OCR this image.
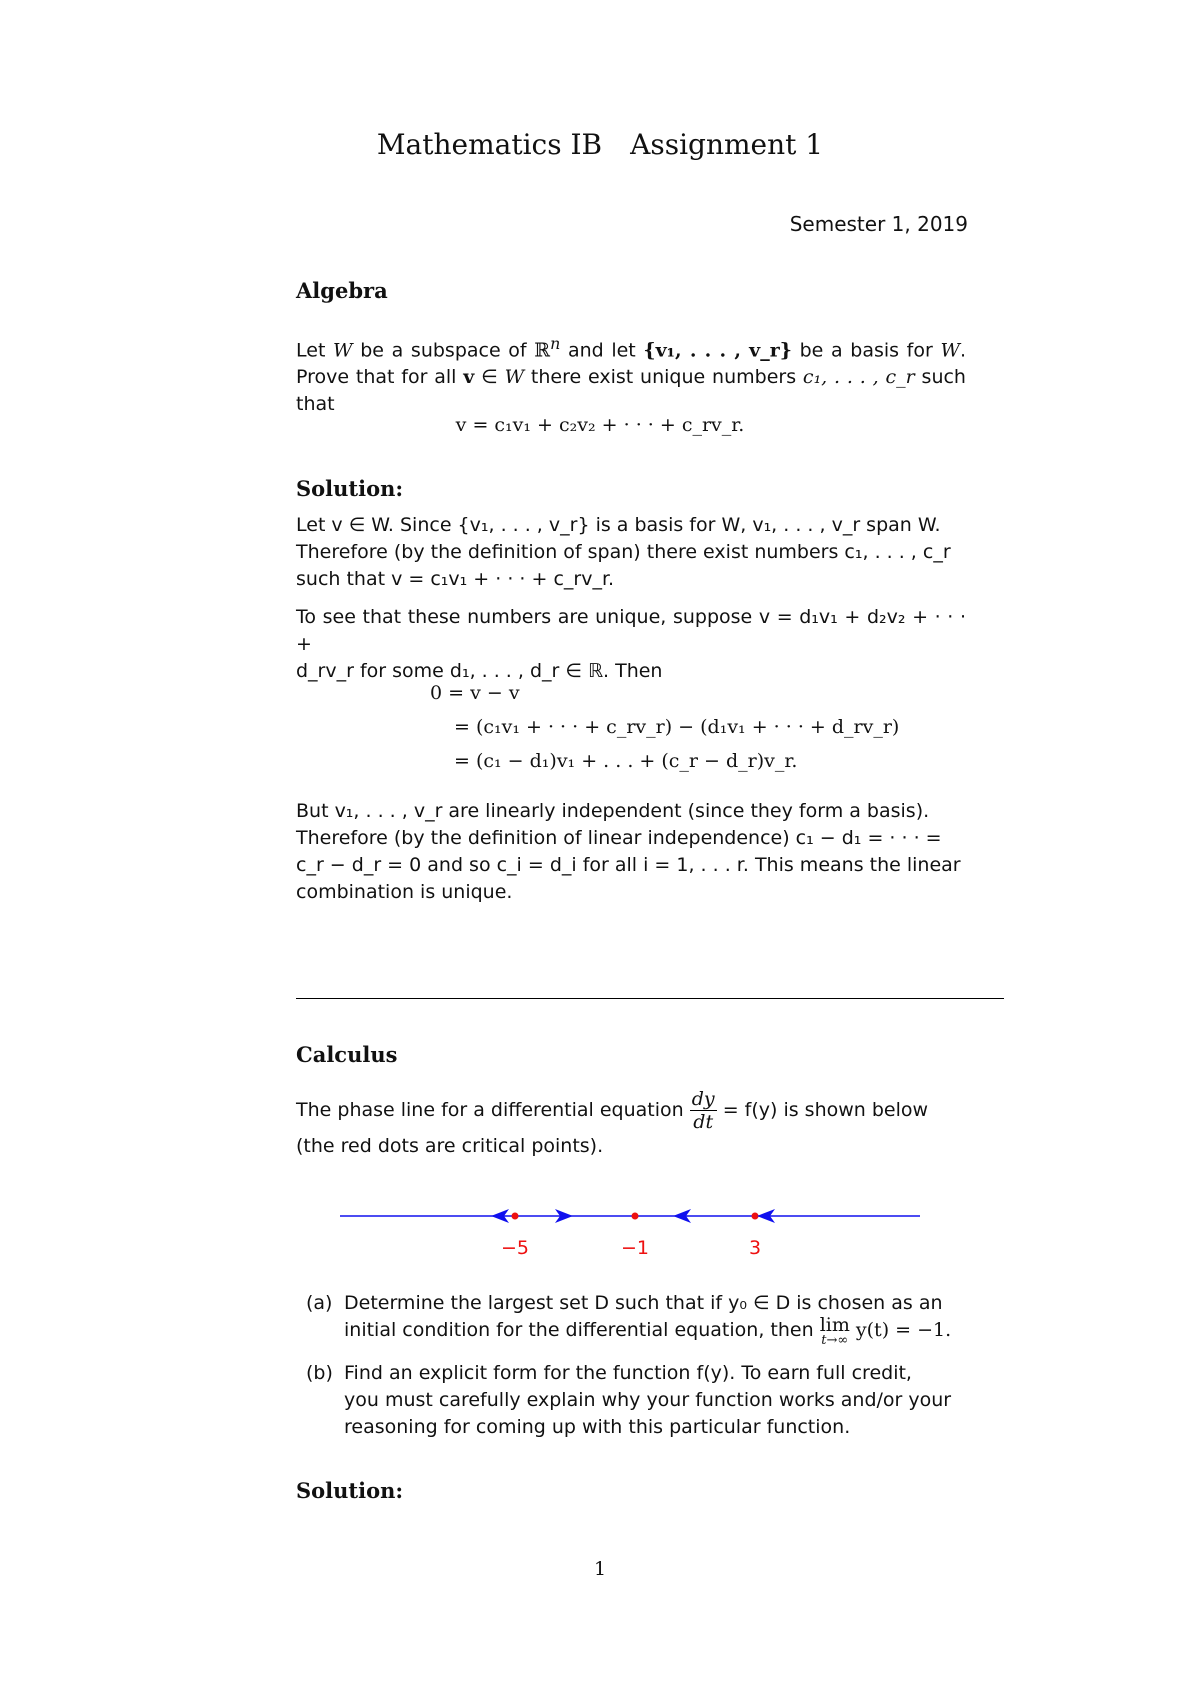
Mathematics IB Assignment 1
Semester 1, 2019
Algebra
Let W be a subspace of ℝ$^n$ and let {v₁, . . . , v_r} be a basis for W. Prove that for all v ∈ W there exist unique numbers c₁, . . . , c_r such that
v = c₁v₁ + c₂v₂ + · · · + c_rv_r.
Solution:
Let v ∈ W. Since {v₁, . . . , v_r} is a basis for W, v₁, . . . , v_r span W.
Therefore (by the definition of span) there exist numbers c₁, . . . , c_r
such that v = c₁v₁ + · · · + c_rv_r.
To see that these numbers are unique, suppose v = d₁v₁ + d₂v₂ + · · · +
d_rv_r for some d₁, . . . , d_r ∈ ℝ. Then
0 = v − v
= (c₁v₁ + · · · + c_rv_r) − (d₁v₁ + · · · + d_rv_r)
= (c₁ − d₁)v₁ + . . . + (c_r − d_r)v_r.
But v₁, . . . , v_r are linearly independent (since they form a basis).
Therefore (by the definition of linear independence) c₁ − d₁ = · · · =
c_r − d_r = 0 and so c_i = d_i for all i = 1, . . . r. This means the linear
combination is unique.
Calculus
The phase line for a differential equation $\frac{dy}{dt} = f(y)$ is shown below
(the red dots are critical points).
−5	−1	3
(a) Determine the largest set D such that if y₀ ∈ D is chosen as an
initial condition for the differential equation, then lim
t→∞ y(t) = −1.
(b) Find an explicit form for the function f(y). To earn full credit,
you must carefully explain why your function works and/or your
reasoning for coming up with this particular function.
Solution:
1
